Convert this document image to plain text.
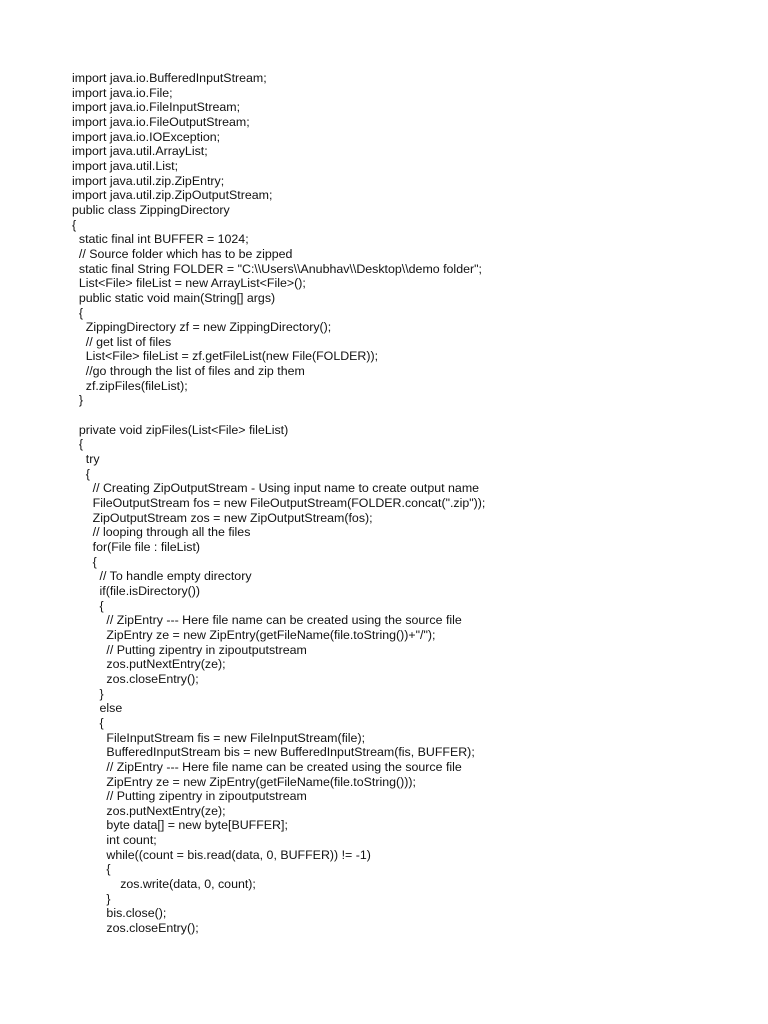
import java.io.BufferedInputStream;
import java.io.File;
import java.io.FileInputStream;
import java.io.FileOutputStream;
import java.io.IOException;
import java.util.ArrayList;
import java.util.List;
import java.util.zip.ZipEntry;
import java.util.zip.ZipOutputStream;
public class ZippingDirectory
{
static final int BUFFER = 1024;
// Source folder which has to be zipped
static final String FOLDER = "C:\\Users\\Anubhav\\Desktop\\demo folder";
List<File> fileList = new ArrayList<File>();
public static void main(String[] args)
{
ZippingDirectory zf = new ZippingDirectory();
// get list of files
List<File> fileList = zf.getFileList(new File(FOLDER));
//go through the list of files and zip them
zf.zipFiles(fileList);
}
private void zipFiles(List<File> fileList)
{
try
{
// Creating ZipOutputStream - Using input name to create output name
FileOutputStream fos = new FileOutputStream(FOLDER.concat(".zip"));
ZipOutputStream zos = new ZipOutputStream(fos);
// looping through all the files
for(File file : fileList)
{
// To handle empty directory
if(file.isDirectory())
{
// ZipEntry --- Here file name can be created using the source file
ZipEntry ze = new ZipEntry(getFileName(file.toString())+"/");
// Putting zipentry in zipoutputstream
zos.putNextEntry(ze);
zos.closeEntry();
}
else
{
FileInputStream fis = new FileInputStream(file);
BufferedInputStream bis = new BufferedInputStream(fis, BUFFER);
// ZipEntry --- Here file name can be created using the source file
ZipEntry ze = new ZipEntry(getFileName(file.toString()));
// Putting zipentry in zipoutputstream
zos.putNextEntry(ze);
byte data[] = new byte[BUFFER];
int count;
while((count = bis.read(data, 0, BUFFER)) != -1)
{
zos.write(data, 0, count);
}
bis.close();
zos.closeEntry();
